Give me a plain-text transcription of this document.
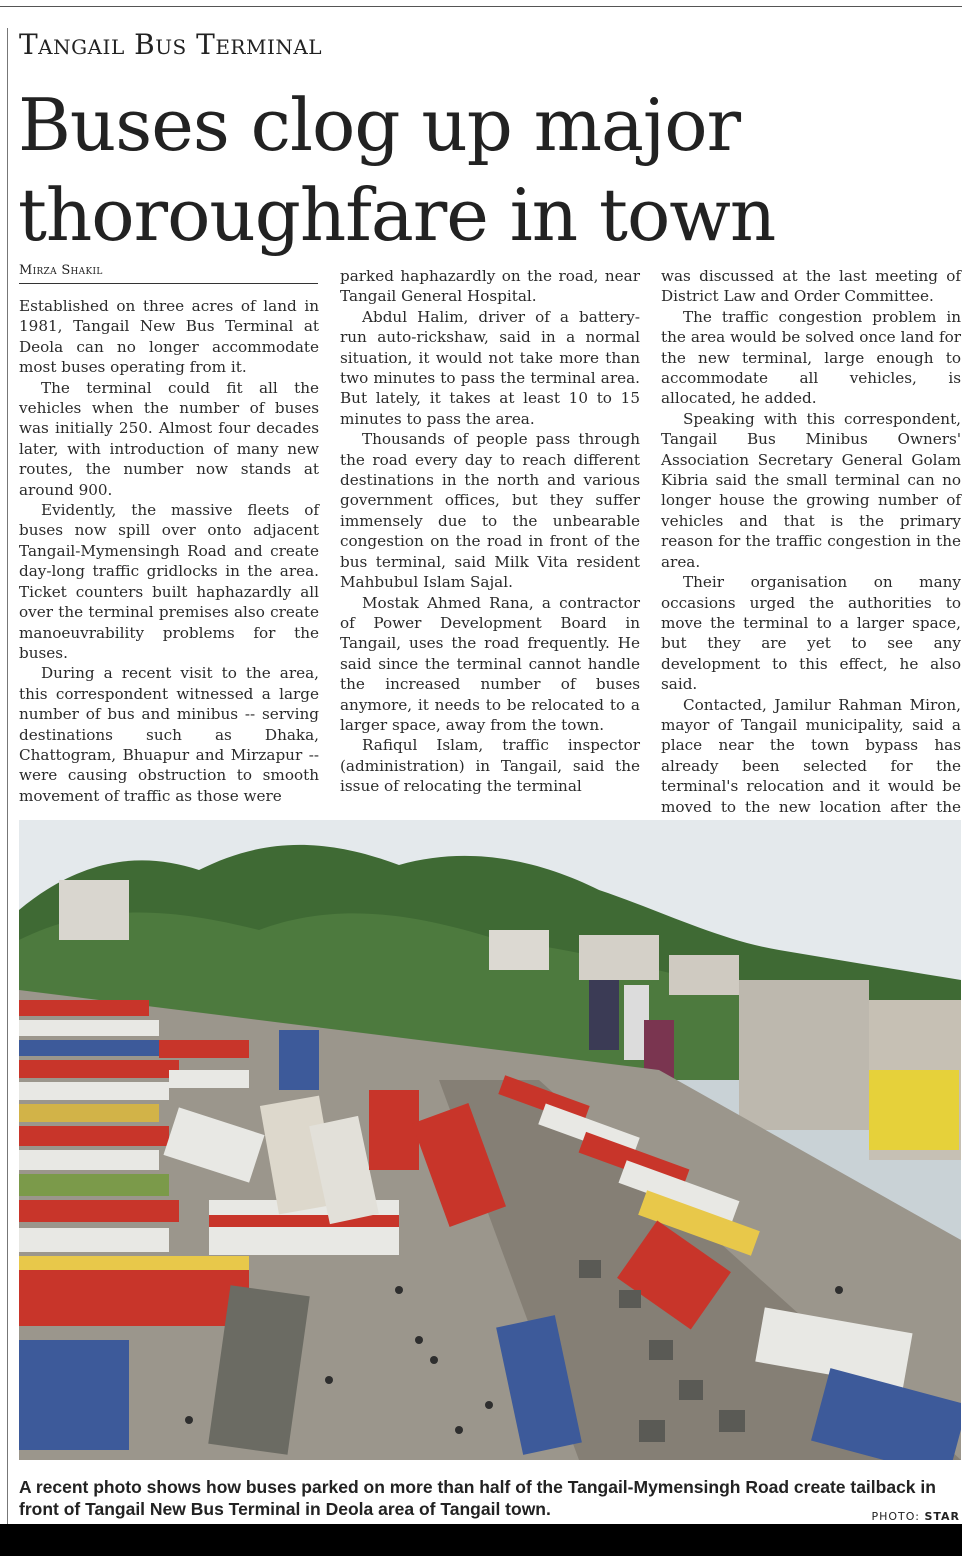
Tangail Bus Terminal
Buses clog up major thoroughfare in town
Mirza Shakil

Established on three acres of land in 1981, Tangail New Bus Terminal at Deola can no longer accommodate most buses operating from it.

The terminal could fit all the vehicles when the number of buses was initially 250. Almost four decades later, with introduction of many new routes, the number now stands at around 900.

Evidently, the massive fleets of buses now spill over onto adjacent Tangail-Mymensingh Road and create day-long traffic gridlocks in the area. Ticket counters built haphazardly all over the terminal premises also create manoeuvrability problems for the buses.

During a recent visit to the area, this correspondent witnessed a large number of bus and minibus -- serving destinations such as Dhaka, Chattogram, Bhuapur and Mirzapur -- were causing obstruction to smooth movement of traffic as those were

parked haphazardly on the road, near Tangail General Hospital.

Abdul Halim, driver of a battery-run auto-rickshaw, said in a normal situation, it would not take more than two minutes to pass the terminal area. But lately, it takes at least 10 to 15 minutes to pass the area.

Thousands of people pass through the road every day to reach different destinations in the north and various government offices, but they suffer immensely due to the unbearable congestion on the road in front of the bus terminal, said Milk Vita resident Mahbubul Islam Sajal.

Mostak Ahmed Rana, a contractor of Power Development Board in Tangail, uses the road frequently. He said since the terminal cannot handle the increased number of buses anymore, it needs to be relocated to a larger space, away from the town.

Rafiqul Islam, traffic inspector (administration) in Tangail, said the issue of relocating the terminal

was discussed at the last meeting of District Law and Order Committee.

The traffic congestion problem in the area would be solved once land for the new terminal, large enough to accommodate all vehicles, is allocated, he added.

Speaking with this correspondent, Tangail Bus Minibus Owners' Association Secretary General Golam Kibria said the small terminal can no longer house the growing number of vehicles and that is the primary reason for the traffic congestion in the area.

Their organisation on many occasions urged the authorities to move the terminal to a larger space, but they are yet to see any development to this effect, he also said.

Contacted, Jamilur Rahman Miron, mayor of Tangail municipality, said a place near the town bypass has already been selected for the terminal's relocation and it would be moved to the new location after the

A recent photo shows how buses parked on more than half of the Tangail-Mymensingh Road create tailback in front of Tangail New Bus Terminal in Deola area of Tangail town.	PHOTO: STAR
